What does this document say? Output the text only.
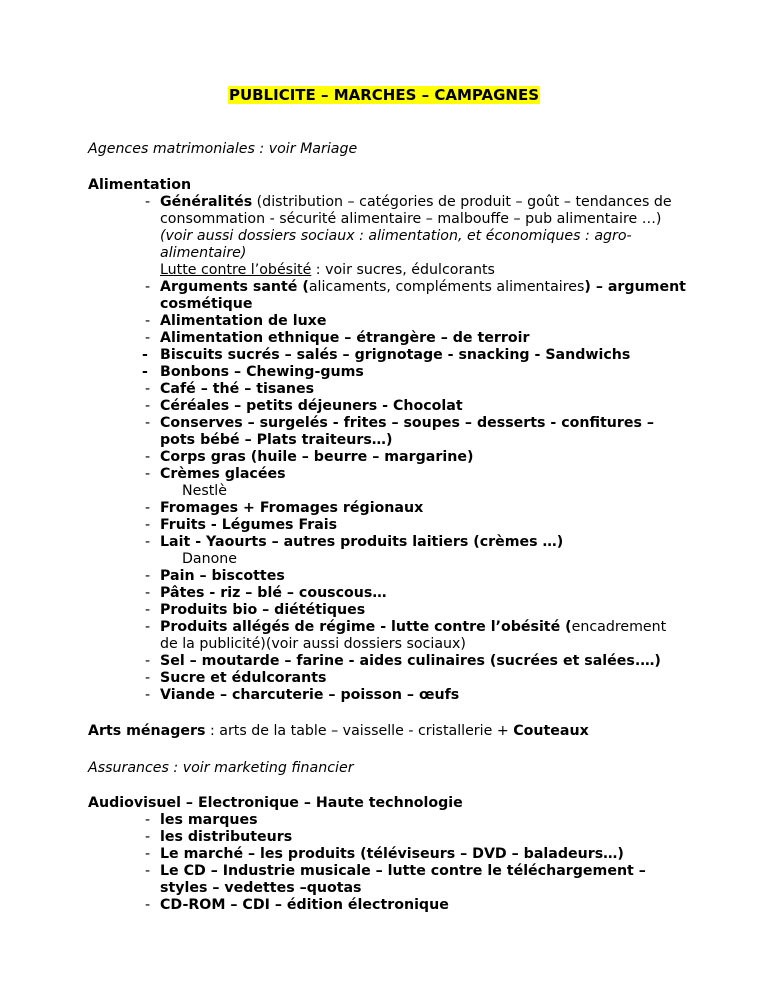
PUBLICITE – MARCHES – CAMPAGNES
Agences matrimoniales : voir Mariage
Alimentation
- Généralités (distribution – catégories de produit – goût – tendances de consommation - sécurité alimentaire – malbouffe – pub alimentaire …)
(voir aussi dossiers sociaux : alimentation, et économiques : agro-alimentaire)
Lutte contre l’obésité : voir sucres, édulcorants
- Arguments santé (alicaments, compléments alimentaires) – argument cosmétique
- Alimentation de luxe
- Alimentation ethnique – étrangère – de terroir
- Biscuits sucrés – salés – grignotage - snacking - Sandwichs
- Bonbons – Chewing-gums
- Café – thé – tisanes
- Céréales – petits déjeuners - Chocolat
- Conserves – surgelés - frites – soupes – desserts - confitures – pots bébé – Plats traiteurs…)
- Corps gras (huile – beurre – margarine)
- Crèmes glacées
Nestlè
- Fromages + Fromages régionaux
- Fruits - Légumes Frais
- Lait - Yaourts – autres produits laitiers (crèmes …)
Danone
- Pain – biscottes
- Pâtes - riz – blé – couscous…
- Produits bio – diététiques
- Produits allégés de régime - lutte contre l’obésité (encadrement de la publicité)(voir aussi dossiers sociaux)
- Sel – moutarde – farine - aides culinaires (sucrées et salées.…)
- Sucre et édulcorants
- Viande – charcuterie – poisson – œufs
Arts ménagers : arts de la table – vaisselle - cristallerie + Couteaux
Assurances : voir marketing financier
Audiovisuel – Electronique – Haute technologie
- les marques
- les distributeurs
- Le marché – les produits (téléviseurs – DVD – baladeurs…)
- Le CD – Industrie musicale – lutte contre le téléchargement – styles – vedettes –quotas
- CD-ROM – CDI – édition électronique
